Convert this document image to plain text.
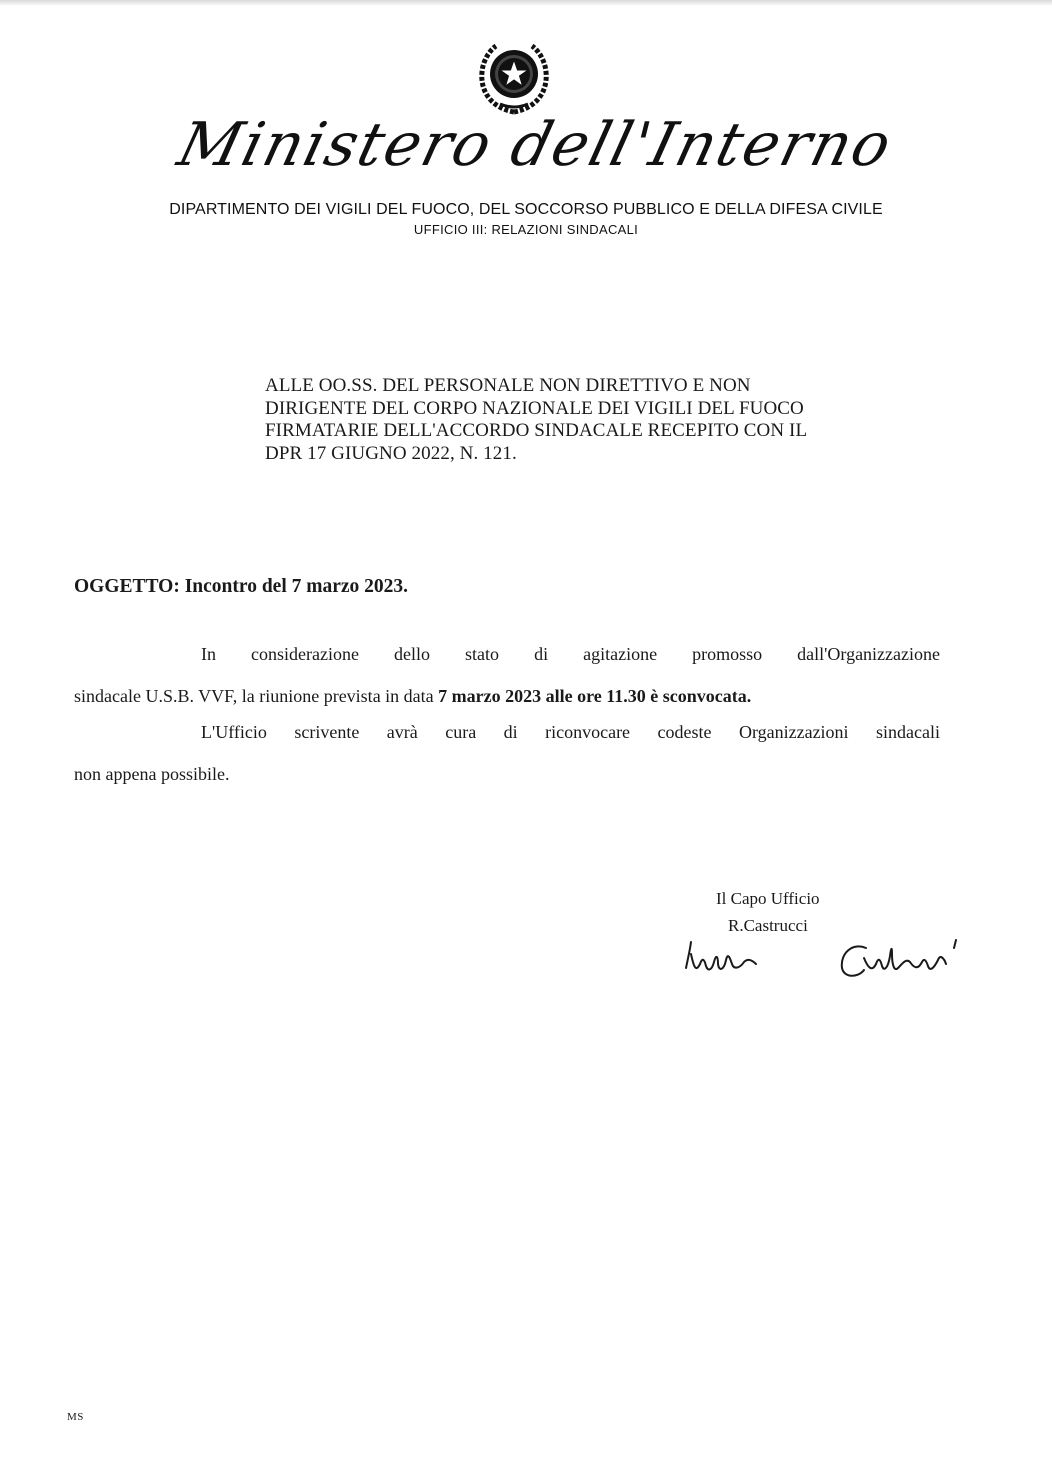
Ministero dell'Interno
DIPARTIMENTO DEI VIGILI DEL FUOCO, DEL SOCCORSO PUBBLICO E DELLA DIFESA CIVILE
UFFICIO III: RELAZIONI SINDACALI
ALLE OO.SS. DEL PERSONALE NON DIRETTIVO E NON
DIRIGENTE DEL CORPO NAZIONALE DEI VIGILI DEL FUOCO
FIRMATARIE DELL'ACCORDO SINDACALE RECEPITO CON IL
DPR 17 GIUGNO 2022, N. 121.
OGGETTO: Incontro del 7 marzo 2023.
In considerazione dello stato di agitazione promosso dall'Organizzazione
sindacale U.S.B. VVF, la riunione prevista in data 7 marzo 2023 alle ore 11.30 è sconvocata.
L'Ufficio scrivente avrà cura di riconvocare codeste Organizzazioni sindacali
non appena possibile.
Il Capo Ufficio
R.Castrucci
MS
